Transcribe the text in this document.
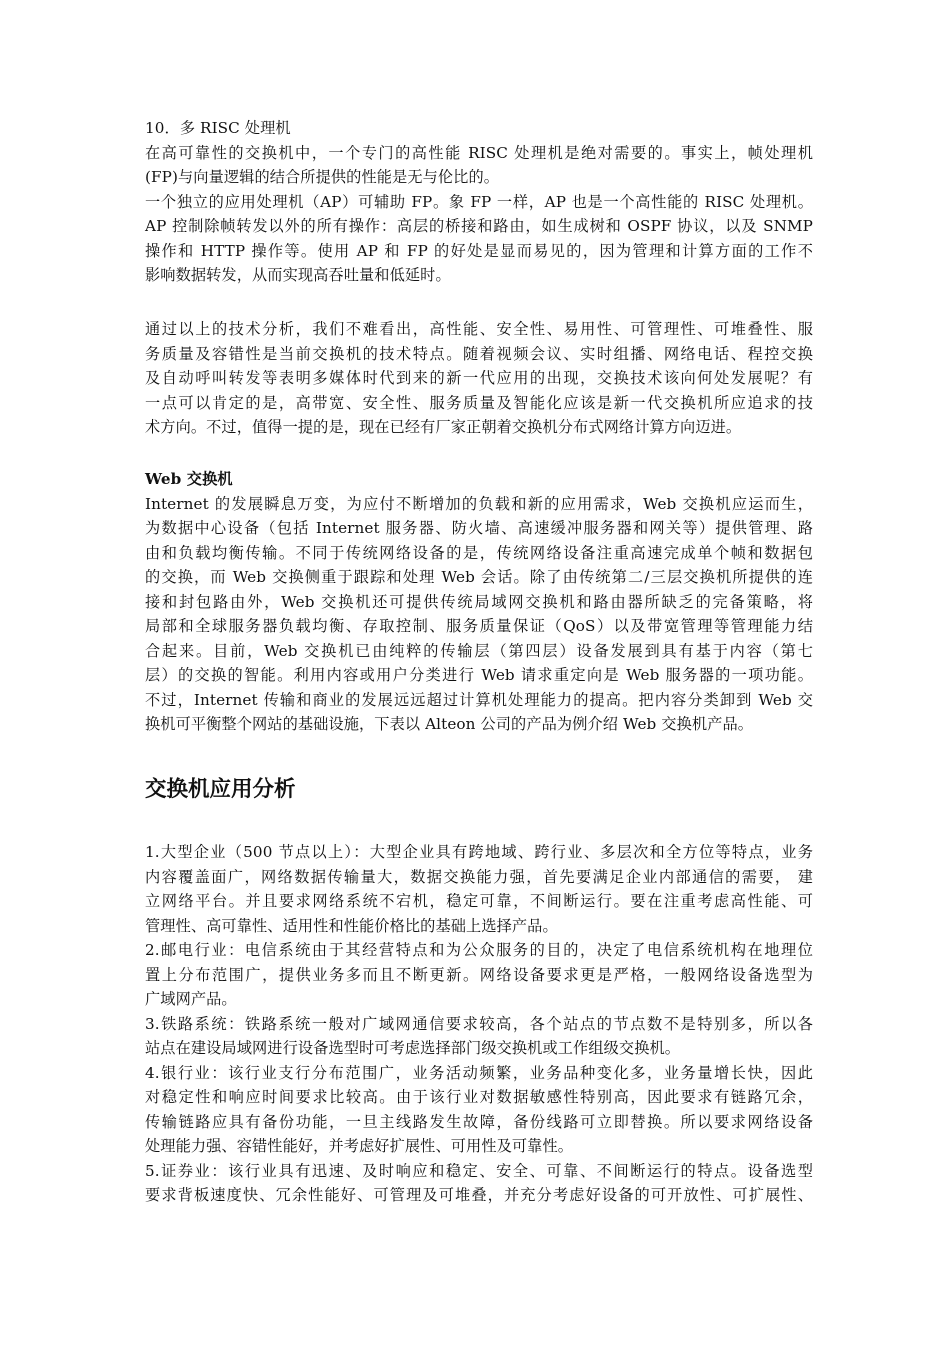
10．多 RISC 处理机
在高可靠性的交换机中，一个专门的高性能 RISC 处理机是绝对需要的。事实上，帧处理机
(FP)与向量逻辑的结合所提供的性能是无与伦比的。
一个独立的应用处理机（AP）可辅助 FP。象 FP 一样，AP 也是一个高性能的 RISC 处理机。
AP 控制除帧转发以外的所有操作：高层的桥接和路由，如生成树和 OSPF 协议，以及 SNMP
操作和 HTTP 操作等。使用 AP 和 FP 的好处是显而易见的，因为管理和计算方面的工作不
影响数据转发，从而实现高吞吐量和低延时。
通过以上的技术分析，我们不难看出，高性能、安全性、易用性、可管理性、可堆叠性、服
务质量及容错性是当前交换机的技术特点。随着视频会议、实时组播、网络电话、程控交换
及自动呼叫转发等表明多媒体时代到来的新一代应用的出现，交换技术该向何处发展呢？有
一点可以肯定的是，高带宽、安全性、服务质量及智能化应该是新一代交换机所应追求的技
术方向。不过，值得一提的是，现在已经有厂家正朝着交换机分布式网络计算方向迈进。
Web 交换机
Internet 的发展瞬息万变，为应付不断增加的负载和新的应用需求，Web 交换机应运而生，
为数据中心设备（包括 Internet 服务器、防火墙、高速缓冲服务器和网关等）提供管理、路
由和负载均衡传输。不同于传统网络设备的是，传统网络设备注重高速完成单个帧和数据包
的交换，而 Web 交换侧重于跟踪和处理 Web 会话。除了由传统第二/三层交换机所提供的连
接和封包路由外，Web 交换机还可提供传统局域网交换机和路由器所缺乏的完备策略，将
局部和全球服务器负载均衡、存取控制、服务质量保证（QoS）以及带宽管理等管理能力结
合起来。目前，Web 交换机已由纯粹的传输层（第四层）设备发展到具有基于内容（第七
层）的交换的智能。利用内容或用户分类进行 Web 请求重定向是 Web 服务器的一项功能。
不过，Internet 传输和商业的发展远远超过计算机处理能力的提高。把内容分类卸到 Web 交
换机可平衡整个网站的基础设施，下表以 Alteon 公司的产品为例介绍 Web 交换机产品。
交换机应用分析
1.大型企业（500 节点以上）：大型企业具有跨地域、跨行业、多层次和全方位等特点，业务
内容覆盖面广，网络数据传输量大，数据交换能力强，首先要满足企业内部通信的需要， 建
立网络平台。并且要求网络系统不宕机，稳定可靠，不间断运行。要在注重考虑高性能、可
管理性、高可靠性、适用性和性能价格比的基础上选择产品。
2.邮电行业：电信系统由于其经营特点和为公众服务的目的，决定了电信系统机构在地理位
置上分布范围广，提供业务多而且不断更新。网络设备要求更是严格，一般网络设备选型为
广域网产品。
3.铁路系统：铁路系统一般对广域网通信要求较高，各个站点的节点数不是特别多，所以各
站点在建设局域网进行设备选型时可考虑选择部门级交换机或工作组级交换机。
4.银行业：该行业支行分布范围广，业务活动频繁，业务品种变化多，业务量增长快，因此
对稳定性和响应时间要求比较高。由于该行业对数据敏感性特别高，因此要求有链路冗余，
传输链路应具有备份功能，一旦主线路发生故障，备份线路可立即替换。所以要求网络设备
处理能力强、容错性能好，并考虑好扩展性、可用性及可靠性。
5.证券业：该行业具有迅速、及时响应和稳定、安全、可靠、不间断运行的特点。设备选型
要求背板速度快、冗余性能好、可管理及可堆叠，并充分考虑好设备的可开放性、可扩展性、
